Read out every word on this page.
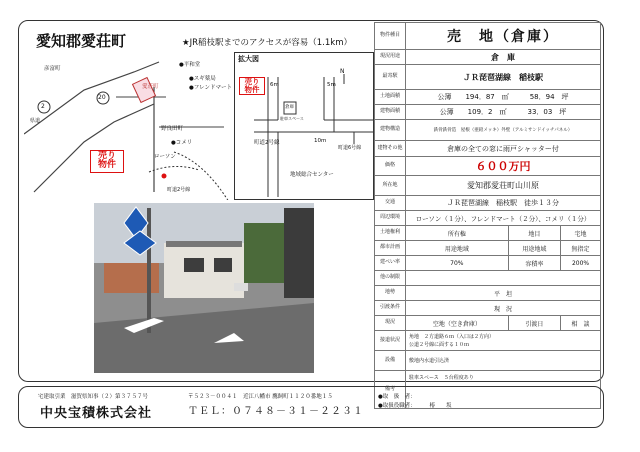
愛知郡愛荘町	★JR稲枝駅までのアクセスが容易（1.1km）
彦富町
愛荘町
2
20
県道
ローソン
町道2号線
野良田町
●平和堂
●スギ薬局
●フレンドマート
●コメリ
売り
物件
拡大図
売り
物件	6m	5m
N
町道2号線	10m
町道6号線
地域総合センター
倉庫
駐車スペース
物件種目	売　地（倉庫）		
現況用途	倉　庫		
最寄駅	ＪＲ琵琶湖線　稲枝駅		
土地面積	公簿　　194．87　㎡　　　58．94　坪		
建物面積	公簿　　109．2　㎡　　　33．03　坪		
建物構造	鉄骨鉄骨造　屋根（亜鉛メッキ）外壁（アルミサンドイッチパネル）		
建物その他	倉庫の全ての窓に雨戸シャッター付		
価格	６００万円		
所在地	愛知郡愛荘町山川原		
交通	ＪＲ琵琶湖線　稲枝駅　徒歩１３分		
周辺環境	ローソン（１分）、フレンドマート（２分）、コメリ（１分）		
土地権利	所有権	地目	宅地
都市計画	用途地域	用途地域	無指定
建ぺい率	70%	容積率	200%
他の制限			
地勢	平　坦		
引渡条件	現　況		
現況	空地（空き倉庫）	引渡日	相　談
接道状況	角地　２方道路６ｍ（入口は２方向）
公道２号線に面する１０ｍ		

設備	敷地内水道引込済		
備考	駐車スペース　５台程度あり		
宅建取引業　滋賀県知事（２）第３７５７号
中央宝積株式会社
〒５２３－００４１　近江八幡市 鷹飼町１１２０番地１５
ＴＥＬ：０７４８－３１－２２３１
●取　扱　者：
●取扱役職者：　　　椿　　坂
